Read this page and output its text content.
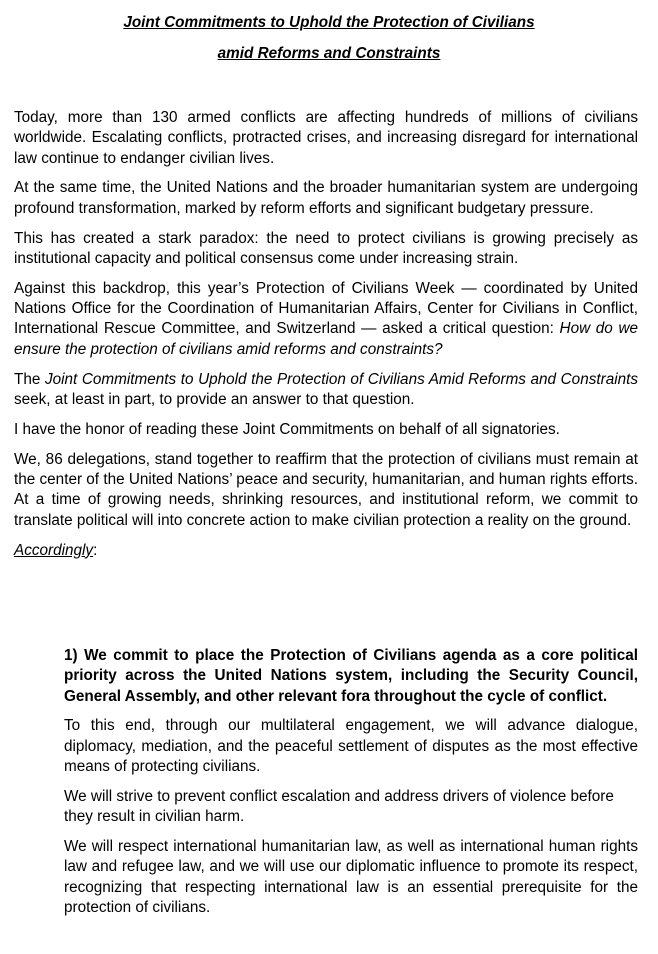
Joint Commitments to Uphold the Protection of Civilians
amid Reforms and Constraints

Today, more than 130 armed conflicts are affecting hundreds of millions of civilians worldwide. Escalating conflicts, protracted crises, and increasing disregard for international law continue to endanger civilian lives.

At the same time, the United Nations and the broader humanitarian system are undergoing profound transformation, marked by reform efforts and significant budgetary pressure.

This has created a stark paradox: the need to protect civilians is growing precisely as institutional capacity and political consensus come under increasing strain.

Against this backdrop, this year’s Protection of Civilians Week — coordinated by United Nations Office for the Coordination of Humanitarian Affairs, Center for Civilians in Conflict, International Rescue Committee, and Switzerland — asked a critical question: How do we ensure the protection of civilians amid reforms and constraints?

The Joint Commitments to Uphold the Protection of Civilians Amid Reforms and Constraints seek, at least in part, to provide an answer to that question.

I have the honor of reading these Joint Commitments on behalf of all signatories.

We, 86 delegations, stand together to reaffirm that the protection of civilians must remain at the center of the United Nations’ peace and security, humanitarian, and human rights efforts. At a time of growing needs, shrinking resources, and institutional reform, we commit to translate political will into concrete action to make civilian protection a reality on the ground.

Accordingly:

1) We commit to place the Protection of Civilians agenda as a core political priority across the United Nations system, including the Security Council, General Assembly, and other relevant fora throughout the cycle of conflict.

To this end, through our multilateral engagement, we will advance dialogue, diplomacy, mediation, and the peaceful settlement of disputes as the most effective means of protecting civilians.

We will strive to prevent conflict escalation and address drivers of violence before they result in civilian harm.

We will respect international humanitarian law, as well as international human rights law and refugee law, and we will use our diplomatic influence to promote its respect, recognizing that respecting international law is an essential prerequisite for the protection of civilians.
